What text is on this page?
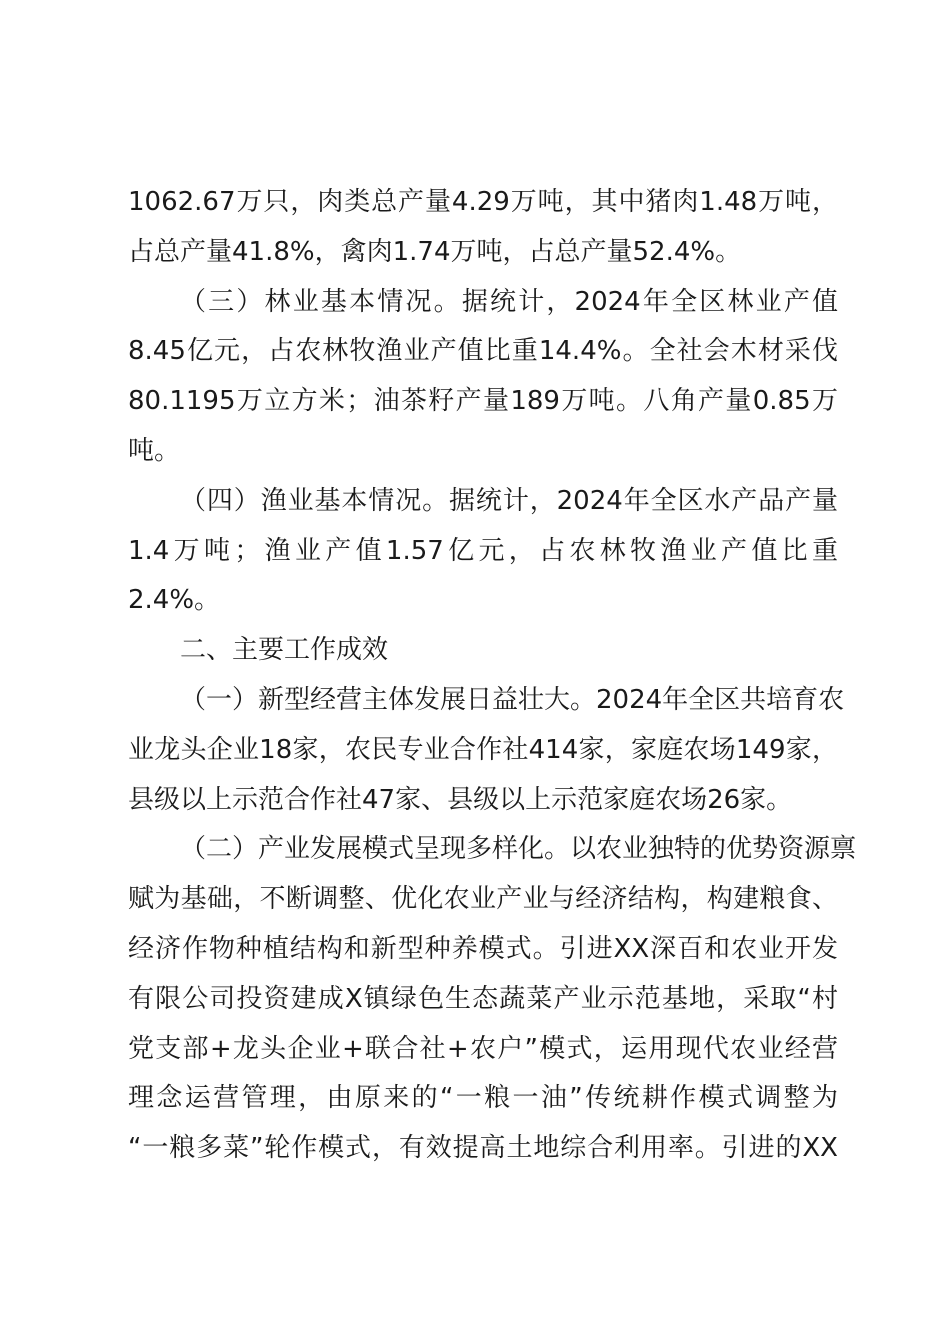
1062.67万只，肉类总产量4.29万吨，其中猪肉1.48万吨，
占总产量41.8%，禽肉1.74万吨，占总产量52.4%。
（三）林业基本情况。据统计，2024年全区林业产值
8.45亿元，占农林牧渔业产值比重14.4%。全社会木材采伐
80.1195万立方米；油茶籽产量189万吨。八角产量0.85万
吨。
（四）渔业基本情况。据统计，2024年全区水产品产量
1.4万吨；渔业产值1.57亿元，占农林牧渔业产值比重
2.4%。
二、主要工作成效
（一）新型经营主体发展日益壮大。2024年全区共培育农
业龙头企业18家，农民专业合作社414家，家庭农场149家，
县级以上示范合作社47家、县级以上示范家庭农场26家。
（二）产业发展模式呈现多样化。以农业独特的优势资源禀
赋为基础，不断调整、优化农业产业与经济结构，构建粮食、
经济作物种植结构和新型种养模式。引进XX深百和农业开发
有限公司投资建成X镇绿色生态蔬菜产业示范基地，采取“村
党支部+龙头企业+联合社+农户”模式，运用现代农业经营
理念运营管理，由原来的“一粮一油”传统耕作模式调整为
“一粮多菜”轮作模式，有效提高土地综合利用率。引进的XX
